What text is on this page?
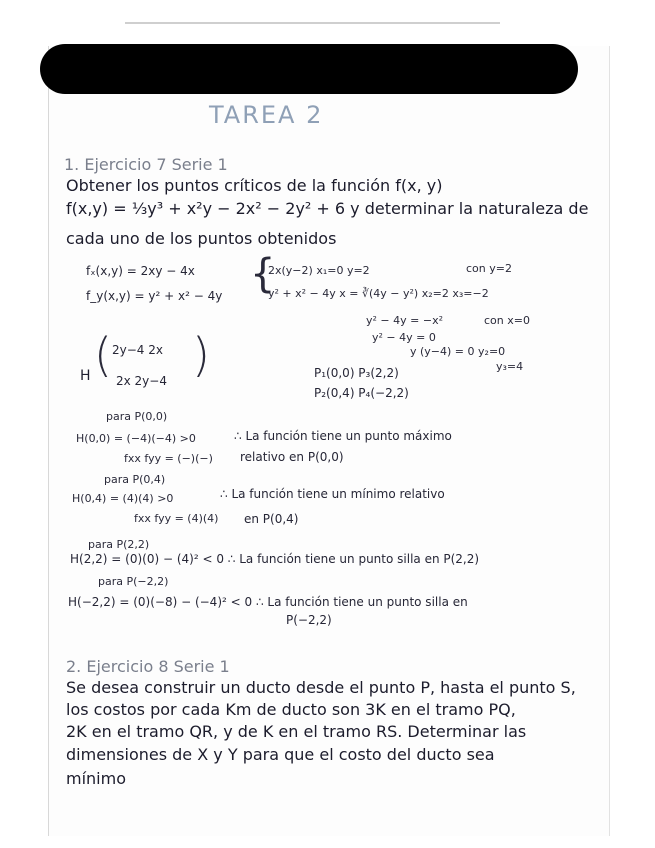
TAREA 2
1. Ejercicio 7 Serie 1
Obtener los puntos críticos de la función f(x, y)
f(x,y) = ⅓y³ + x²y − 2x² − 2y² + 6 y determinar la naturaleza de
cada uno de los puntos obtenidos
fₓ(x,y) = 2xy − 4x
f_y(x,y) = y² + x² − 4y {
2x(y−2) x₁=0 y=2
y² + x² − 4y x = ∛(4y − y²) x₂=2 x₃=−2
con y=2
y² − 4y = −x²	con x=0
y² − 4y = 0
y (y−4) = 0 y₂=0
y₃=4
H ( 2y−4 2x
2x 2y−4 )	P₁(0,0) P₃(2,2)
P₂(0,4) P₄(−2,2)
para P(0,0)
H(0,0) = (−4)(−4) >0	∴ La función tiene un punto máximo
fxx fyy = (−)(−) relativo en P(0,0)
para P(0,4)
H(0,4) = (4)(4) >0	∴ La función tiene un mínimo relativo
fxx fyy = (4)(4) en P(0,4)
para P(2,2)
H(2,2) = (0)(0) − (4)² < 0 ∴ La función tiene un punto silla en P(2,2)
para P(−2,2)
H(−2,2) = (0)(−8) − (−4)² < 0 ∴ La función tiene un punto silla en
P(−2,2)
2. Ejercicio 8 Serie 1
Se desea construir un ducto desde el punto P, hasta el punto S,
los costos por cada Km de ducto son 3K en el tramo PQ,
2K en el tramo QR, y de K en el tramo RS. Determinar las
dimensiones de X y Y para que el costo del ducto sea
mínimo
